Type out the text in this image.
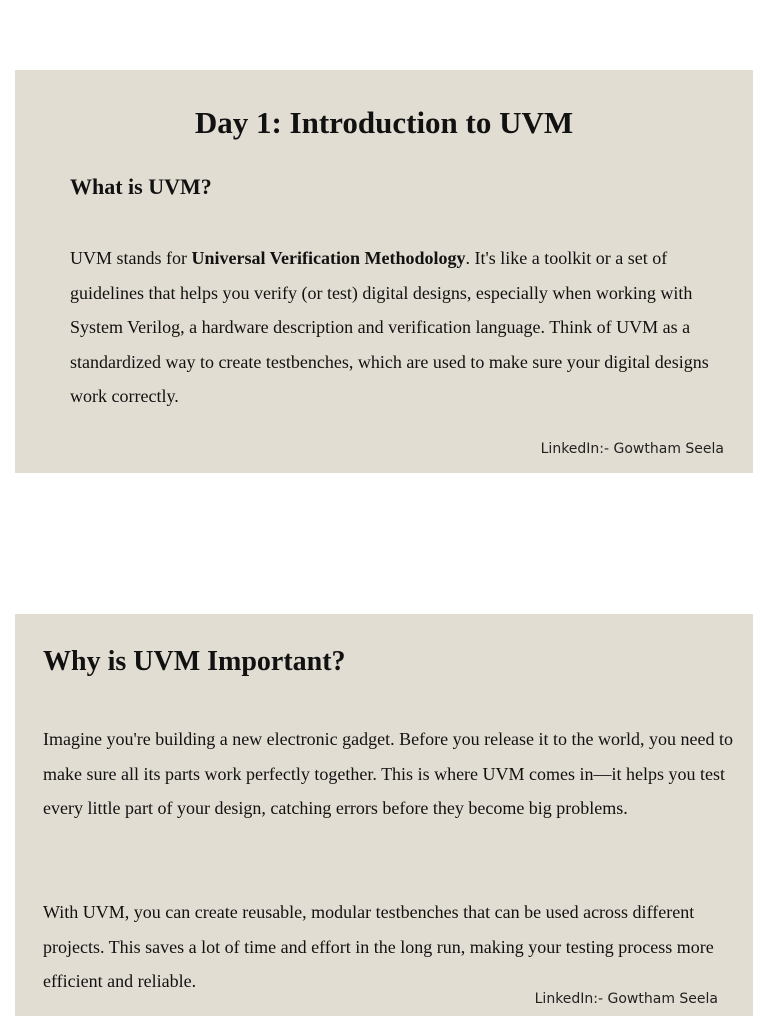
Day 1: Introduction to UVM
What is UVM?

UVM stands for Universal Verification Methodology. It's like a toolkit or a set of guidelines that helps you verify (or test) digital designs, especially when working with System Verilog, a hardware description and verification language. Think of UVM as a standardized way to create testbenches, which are used to make sure your digital designs work correctly.

LinkedIn:- Gowtham Seela
Why is UVM Important?

Imagine you're building a new electronic gadget. Before you release it to the world, you need to make sure all its parts work perfectly together. This is where UVM comes in—it helps you test every little part of your design, catching errors before they become big problems.

With UVM, you can create reusable, modular testbenches that can be used across different projects. This saves a lot of time and effort in the long run, making your testing process more efficient and reliable.

LinkedIn:- Gowtham Seela
